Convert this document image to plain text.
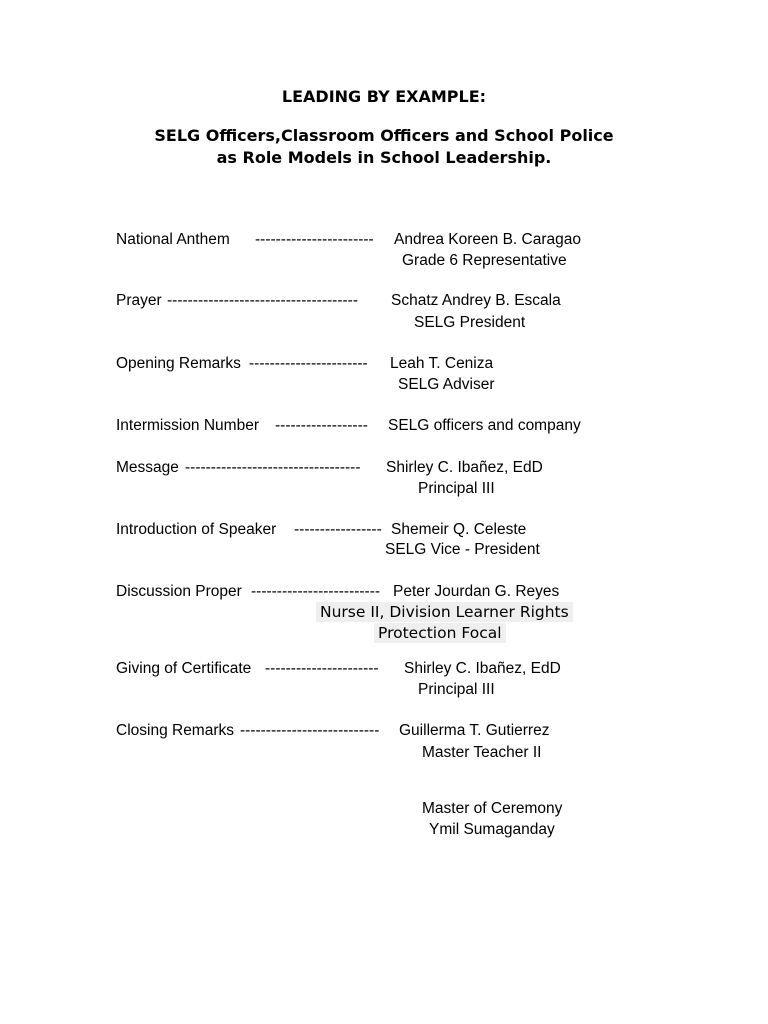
LEADING BY EXAMPLE:
SELG Officers,Classroom Officers and School Police
as Role Models in School Leadership.
National Anthem ----------------------- Andrea Koreen B. Caragao
Grade 6 Representative
Prayer ------------------------------------- Schatz Andrey B. Escala
SELG President
Opening Remarks ----------------------- Leah T. Ceniza
SELG Adviser
Intermission Number ------------------ SELG officers and company
Message ---------------------------------- Shirley C. Ibañez, EdD
Principal III
Introduction of Speaker ----------------- Shemeir Q. Celeste
SELG Vice - President
Discussion Proper ------------------------- Peter Jourdan G. Reyes
Nurse II, Division Learner Rights
Protection Focal
Giving of Certificate ---------------------- Shirley C. Ibañez, EdD
Principal III
Closing Remarks --------------------------- Guillerma T. Gutierrez
Master Teacher II
Master of Ceremony
Ymil Sumaganday
